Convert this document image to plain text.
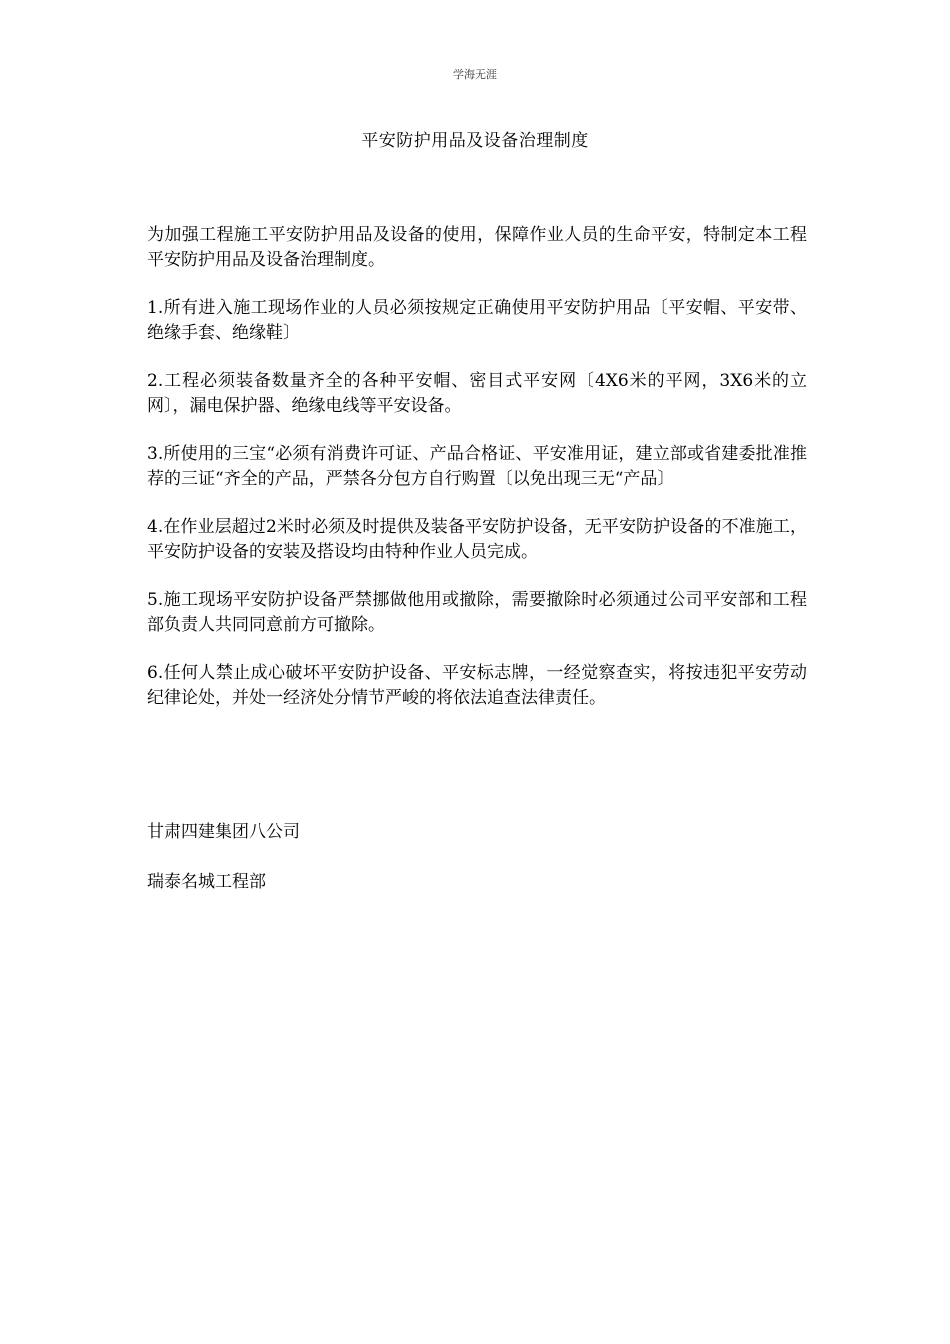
学海无涯
平安防护用品及设备治理制度

为加强工程施工平安防护用品及设备的使用，保障作业人员的生命平安，特制定本工程平安防护用品及设备治理制度。

1.所有进入施工现场作业的人员必须按规定正确使用平安防护用品〔平安帽、平安带、绝缘手套、绝缘鞋〕

2.工程必须装备数量齐全的各种平安帽、密目式平安网〔4X6米的平网，3X6米的立网〕，漏电保护器、绝缘电线等平安设备。

3.所使用的三宝“必须有消费许可证、产品合格证、平安准用证，建立部或省建委批准推荐的三证“齐全的产品，严禁各分包方自行购置〔以免出现三无“产品〕

4.在作业层超过2米时必须及时提供及装备平安防护设备，无平安防护设备的不准施工，平安防护设备的安装及搭设均由特种作业人员完成。

5.施工现场平安防护设备严禁挪做他用或撤除，需要撤除时必须通过公司平安部和工程部负责人共同同意前方可撤除。

6.任何人禁止成心破坏平安防护设备、平安标志牌，一经觉察查实，将按违犯平安劳动纪律论处，并处一经济处分情节严峻的将依法追查法律责任。

甘肃四建集团八公司

瑞泰名城工程部
